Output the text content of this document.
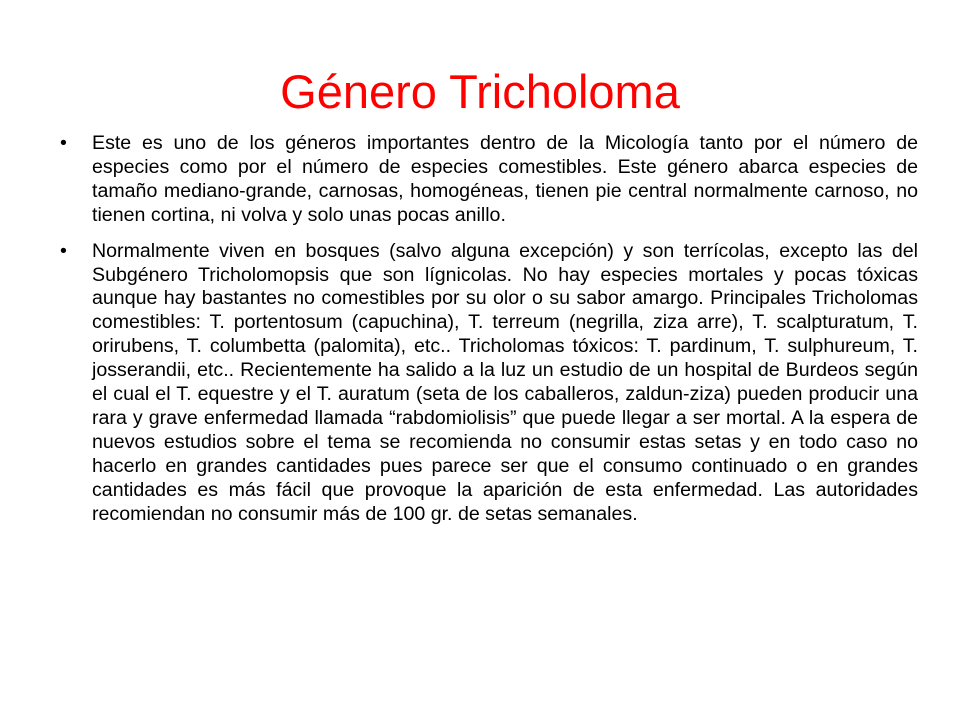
Género Tricholoma
• Este es uno de los géneros importantes dentro de la Micología tanto por el número de especies como por el número de especies comestibles. Este género abarca especies de tamaño mediano-grande, carnosas, homogéneas, tienen pie central normalmente carnoso, no tienen cortina, ni volva y solo unas pocas anillo.
• Normalmente viven en bosques (salvo alguna excepción) y son terrícolas, excepto las del Subgénero Tricholomopsis que son lígnicolas. No hay especies mortales y pocas tóxicas aunque hay bastantes no comestibles por su olor o su sabor amargo. Principales Tricholomas comestibles: T. portentosum (capuchina), T. terreum (negrilla, ziza arre), T. scalpturatum, T. orirubens, T. columbetta (palomita), etc.. Tricholomas tóxicos: T. pardinum, T. sulphureum, T. josserandii, etc.. Recientemente ha salido a la luz un estudio de un hospital de Burdeos según el cual el T. equestre y el T. auratum (seta de los caballeros, zaldun-ziza) pueden producir una rara y grave enfermedad llamada “rabdomiolisis” que puede llegar a ser mortal. A la espera de nuevos estudios sobre el tema se recomienda no consumir estas setas y en todo caso no hacerlo en grandes cantidades pues parece ser que el consumo continuado o en grandes cantidades es más fácil que provoque la aparición de esta enfermedad. Las autoridades recomiendan no consumir más de 100 gr. de setas semanales.
